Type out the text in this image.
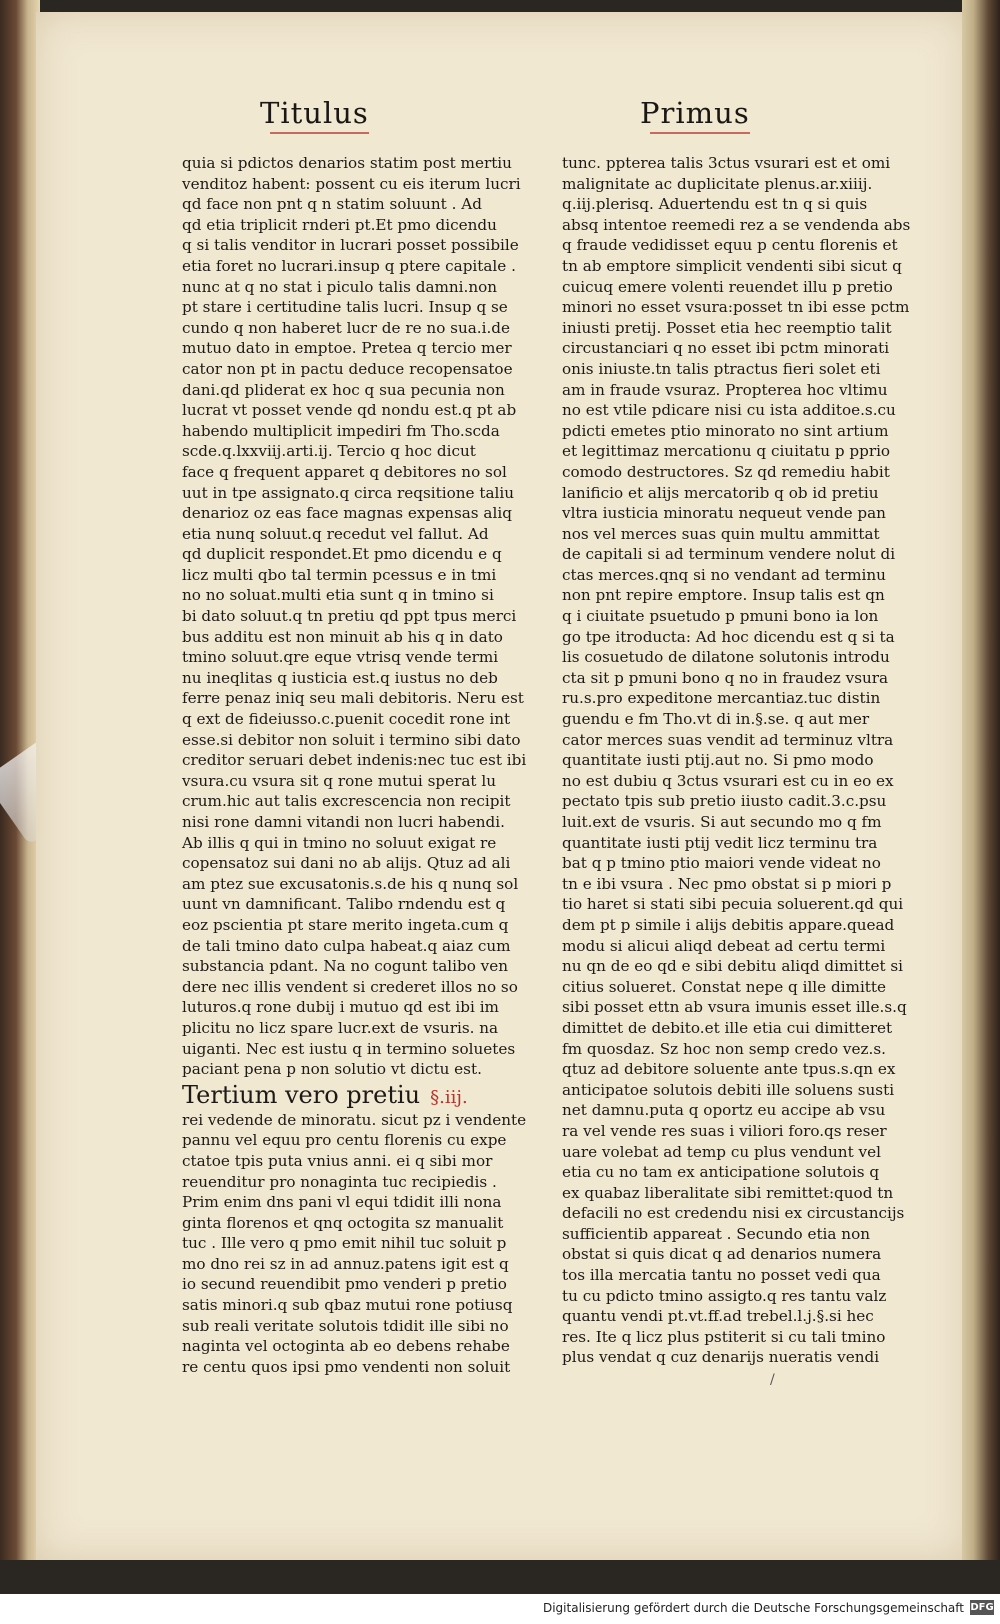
Titulus	Primus
quia si pdictos denarios statim post mertiu
venditoz habent: possent cu eis iterum lucri
qd face non pnt q n statim soluunt . Ad
qd etia triplicit rnderi pt.Et pmo dicendu
q si talis venditor in lucrari posset possibile
etia foret no lucrari.insup q ptere capitale .
nunc at q no stat i piculo talis damni.non
pt stare i certitudine talis lucri. Insup q se
cundo q non haberet lucr de re no sua.i.de
mutuo dato in emptoe. Pretea q tercio mer
cator non pt in pactu deduce recopensatoe
dani.qd pliderat ex hoc q sua pecunia non
lucrat vt posset vende qd nondu est.q pt ab
habendo multiplicit impediri fm Tho.scda
scde.q.lxxviij.arti.ij. Tercio q hoc dicut
face q frequent apparet q debitores no sol
uut in tpe assignato.q circa reqsitione taliu
denarioz oz eas face magnas expensas aliq
etia nunq soluut.q recedut vel fallut. Ad
qd duplicit respondet.Et pmo dicendu e q
licz multi qbo tal termin pcessus e in tmi
no no soluat.multi etia sunt q in tmino si
bi dato soluut.q tn pretiu qd ppt tpus merci
bus additu est non minuit ab his q in dato
tmino soluut.qre eque vtrisq vende termi
nu ineqlitas q iusticia est.q iustus no deb
ferre penaz iniq seu mali debitoris. Neru est
q ext de fideiusso.c.puenit cocedit rone int
esse.si debitor non soluit i termino sibi dato
creditor seruari debet indenis:nec tuc est ibi
vsura.cu vsura sit q rone mutui sperat lu
crum.hic aut talis excrescencia non recipit
nisi rone damni vitandi non lucri habendi.
Ab illis q qui in tmino no soluut exigat re
copensatoz sui dani no ab alijs. Qtuz ad ali
am ptez sue excusatonis.s.de his q nunq sol
uunt vn damnificant. Talibo rndendu est q
eoz pscientia pt stare merito ingeta.cum q
de tali tmino dato culpa habeat.q aiaz cum
substancia pdant. Na no cogunt talibo ven
dere nec illis vendent si crederet illos no so
luturos.q rone dubij i mutuo qd est ibi im
plicitu no licz spare lucr.ext de vsuris. na
uiganti. Nec est iustu q in termino soluetes
paciant pena p non solutio vt dictu est.
Tertium vero pretiu §.iij.
rei vedende de minoratu. sicut pz i vendente
pannu vel equu pro centu florenis cu expe
ctatoe tpis puta vnius anni. ei q sibi mor
reuenditur pro nonaginta tuc recipiedis .
Prim enim dns pani vl equi tdidit illi nona
ginta florenos et qnq octogita sz manualit
tuc . Ille vero q pmo emit nihil tuc soluit p
mo dno rei sz in ad annuz.patens igit est q
io secund reuendibit pmo venderi p pretio
satis minori.q sub qbaz mutui rone potiusq
sub reali veritate solutois tdidit ille sibi no
naginta vel octoginta ab eo debens rehabe
re centu quos ipsi pmo vendenti non soluit
tunc. ppterea talis 3ctus vsurari est et omi
malignitate ac duplicitate plenus.ar.xiiij.
q.iij.plerisq. Aduertendu est tn q si quis
absq intentoe reemedi rez a se vendenda abs
q fraude vedidisset equu p centu florenis et
tn ab emptore simplicit vendenti sibi sicut q
cuicuq emere volenti reuendet illu p pretio
minori no esset vsura:posset tn ibi esse pctm
iniusti pretij. Posset etia hec reemptio talit
circustanciari q no esset ibi pctm minorati
onis iniuste.tn talis ptractus fieri solet eti
am in fraude vsuraz. Propterea hoc vltimu
no est vtile pdicare nisi cu ista additoe.s.cu
pdicti emetes ptio minorato no sint artium
et legittimaz mercationu q ciuitatu p pprio
comodo destructores. Sz qd remediu habit
lanificio et alijs mercatorib q ob id pretiu
vltra iusticia minoratu nequeut vende pan
nos vel merces suas quin multu ammittat
de capitali si ad terminum vendere nolut di
ctas merces.qnq si no vendant ad terminu
non pnt repire emptore. Insup talis est qn
q i ciuitate psuetudo p pmuni bono ia lon
go tpe itroducta: Ad hoc dicendu est q si ta
lis cosuetudo de dilatone solutonis introdu
cta sit p pmuni bono q no in fraudez vsura
ru.s.pro expeditone mercantiaz.tuc distin
guendu e fm Tho.vt di in.§.se. q aut mer
cator merces suas vendit ad terminuz vltra
quantitate iusti ptij.aut no. Si pmo modo
no est dubiu q 3ctus vsurari est cu in eo ex
pectato tpis sub pretio iiusto cadit.3.c.psu
luit.ext de vsuris. Si aut secundo mo q fm
quantitate iusti ptij vedit licz terminu tra
bat q p tmino ptio maiori vende videat no
tn e ibi vsura . Nec pmo obstat si p miori p
tio haret si stati sibi pecuia soluerent.qd qui
dem pt p simile i alijs debitis appare.quead
modu si alicui aliqd debeat ad certu termi
nu qn de eo qd e sibi debitu aliqd dimittet si
citius solueret. Constat nepe q ille dimitte
sibi posset ettn ab vsura imunis esset ille.s.q
dimittet de debito.et ille etia cui dimitteret
fm quosdaz. Sz hoc non semp credo vez.s.
qtuz ad debitore soluente ante tpus.s.qn ex
anticipatoe solutois debiti ille soluens susti
net damnu.puta q oportz eu accipe ab vsu
ra vel vende res suas i viliori foro.qs reser
uare volebat ad temp cu plus vendunt vel
etia cu no tam ex anticipatione solutois q
ex quabaz liberalitate sibi remittet:quod tn
defacili no est credendu nisi ex circustancijs
sufficientib appareat . Secundo etia non
obstat si quis dicat q ad denarios numera
tos illa mercatia tantu no posset vedi qua
tu cu pdicto tmino assigto.q res tantu valz
quantu vendi pt.vt.ff.ad trebel.l.j.§.si hec
res. Ite q licz plus pstiterit si cu tali tmino
plus vendat q cuz denarijs nueratis vendi
/
Digitalisierung gefördert durch die Deutsche Forschungsgemeinschaft DFG
